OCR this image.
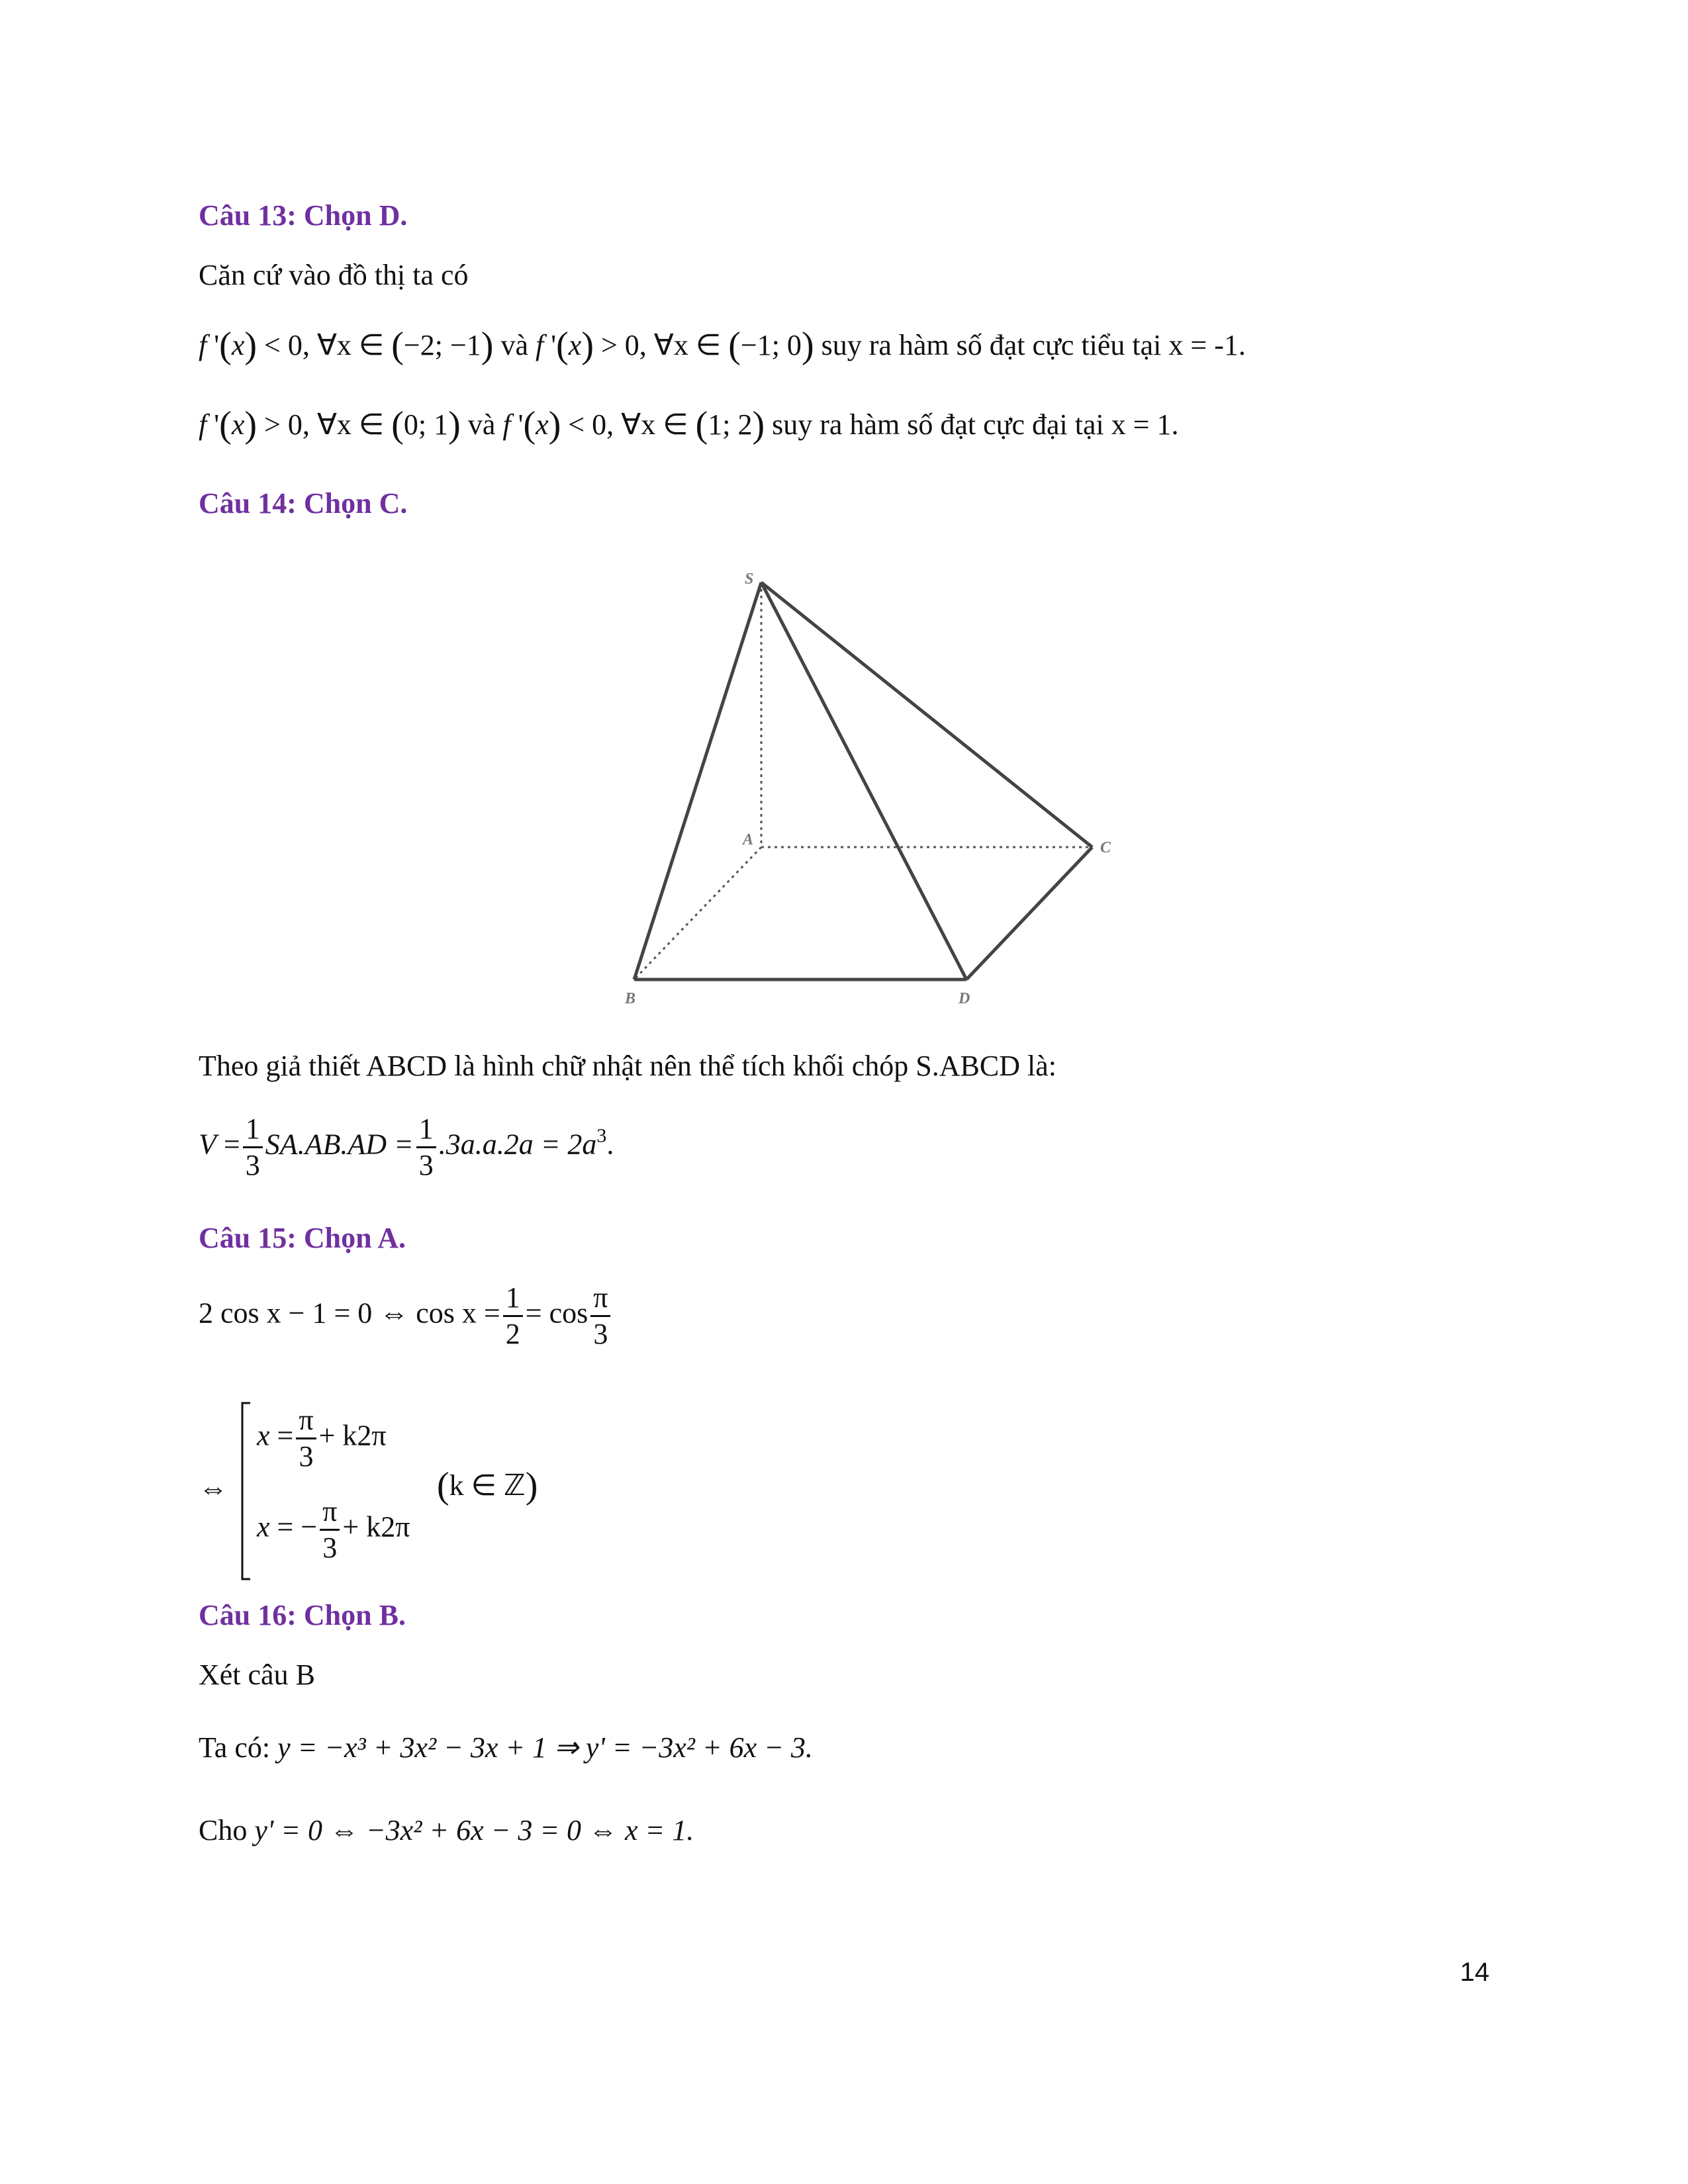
Câu 13: Chọn D.
Căn cứ vào đồ thị ta có
f '(x) < 0, ∀x ∈ (−2; −1) và f '(x) > 0, ∀x ∈ (−1; 0) suy ra hàm số đạt cực tiểu tại x = -1.
f '(x) > 0, ∀x ∈ (0; 1) và f '(x) < 0, ∀x ∈ (1; 2) suy ra hàm số đạt cực đại tại x = 1.
Câu 14: Chọn C.
S
A
B
C
D
Theo giả thiết ABCD là hình chữ nhật nên thể tích khối chóp S.ABCD là:
$V = \frac{1}{3} SA.AB.AD = \frac{1}{3} .3a.a.2a = 2a^3$.
Câu 15: Chọn A.
2 cos x − 1 = 0 ⇔ $\cos x = \frac{1}{2} = \cos \frac{\pi}{3}$
⇔
$x = \frac{\pi}{3} + k2\pi$
x = − $\frac{\pi}{3} + k2\pi$
(k ∈ ℤ)
Câu 16: Chọn B.
Xét câu B
Ta có: y = −x³ + 3x² − 3x + 1 ⇒ y' = −3x² + 6x − 3.
Cho y' = 0 ⇔ −3x² + 6x − 3 = 0 ⇔ x = 1.
14
